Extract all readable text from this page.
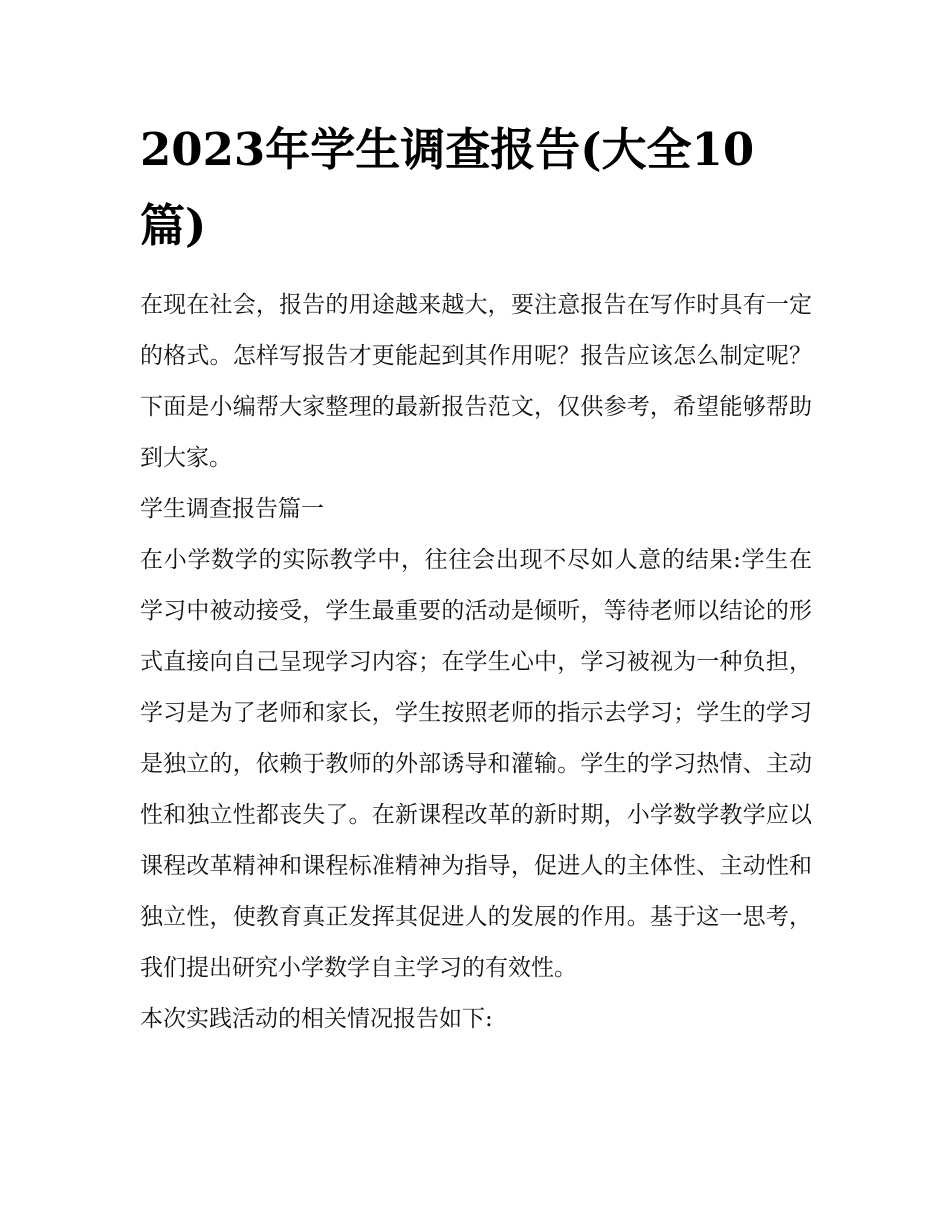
2023年学生调查报告(大全10篇)

在现在社会，报告的用途越来越大，要注意报告在写作时具有一定的格式。怎样写报告才更能起到其作用呢？报告应该怎么制定呢？下面是小编帮大家整理的最新报告范文，仅供参考，希望能够帮助到大家。

学生调查报告篇一

在小学数学的实际教学中，往往会出现不尽如人意的结果:学生在学习中被动接受，学生最重要的活动是倾听，等待老师以结论的形式直接向自己呈现学习内容；在学生心中，学习被视为一种负担，学习是为了老师和家长，学生按照老师的指示去学习；学生的学习是独立的，依赖于教师的外部诱导和灌输。学生的学习热情、主动性和独立性都丧失了。在新课程改革的新时期，小学数学教学应以课程改革精神和课程标准精神为指导，促进人的主体性、主动性和独立性，使教育真正发挥其促进人的发展的作用。基于这一思考，我们提出研究小学数学自主学习的有效性。

本次实践活动的相关情况报告如下:
